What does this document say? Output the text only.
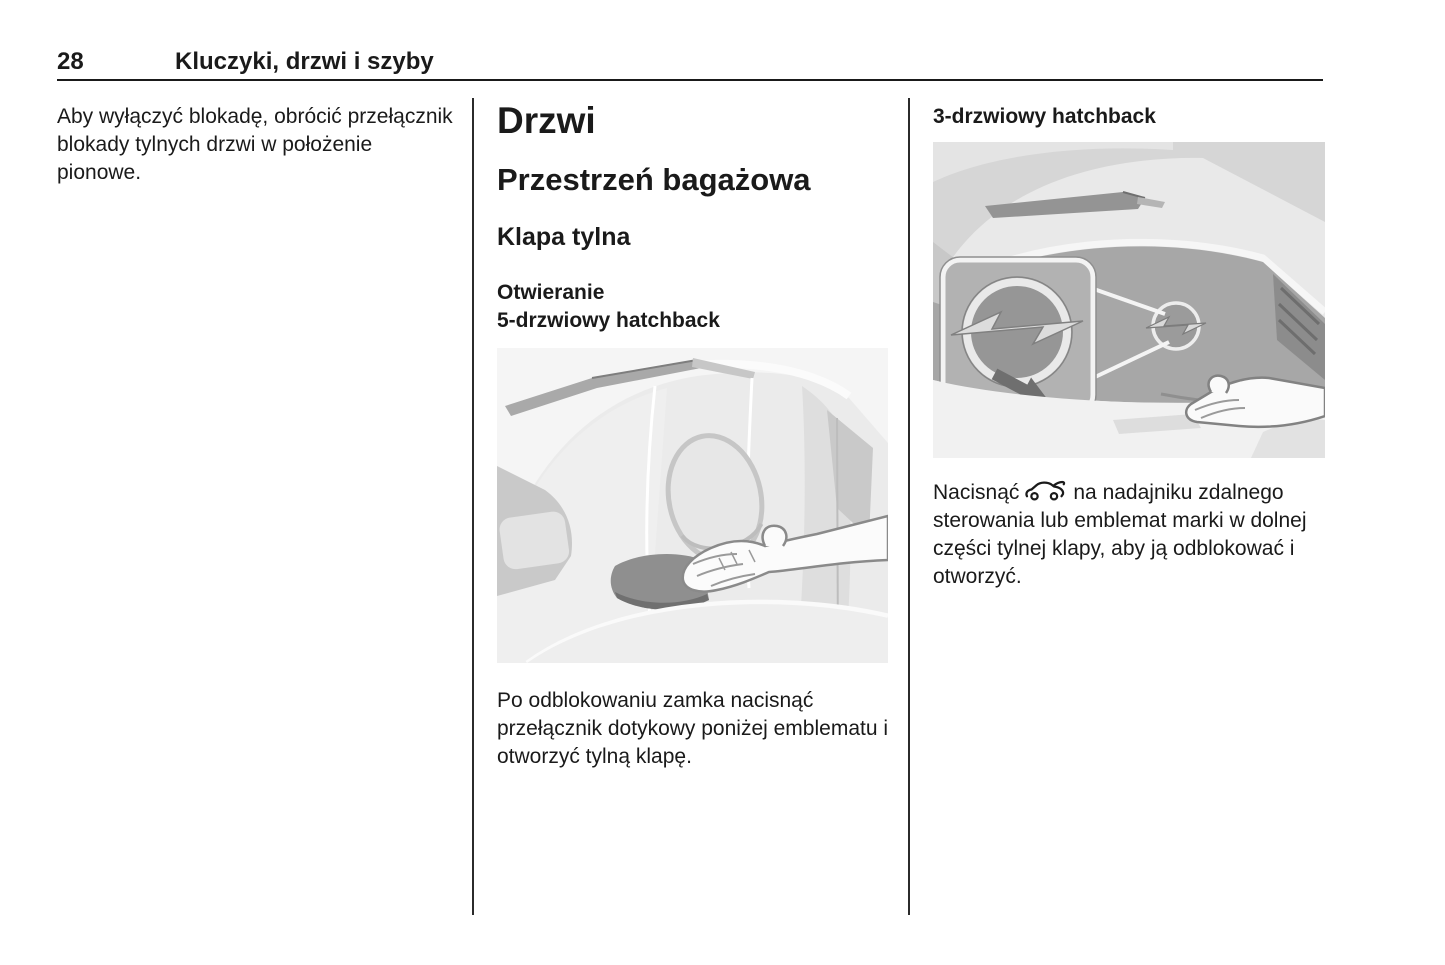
28	Kluczyki, drzwi i szyby

Aby wyłączyć blokadę, obrócić przełącznik blokady tylnych drzwi w położenie pionowe.

Drzwi
Przestrzeń bagażowa
Klapa tylna
Otwieranie
5-drzwiowy hatchback

Po odblokowaniu zamka nacisnąć przełącznik dotykowy poniżej emblematu i otworzyć tylną klapę.

3-drzwiowy hatchback

Nacisnąć	na nadajniku zdalnego sterowania lub emblemat marki w dolnej części tylnej klapy, aby ją odblokować i otworzyć.
